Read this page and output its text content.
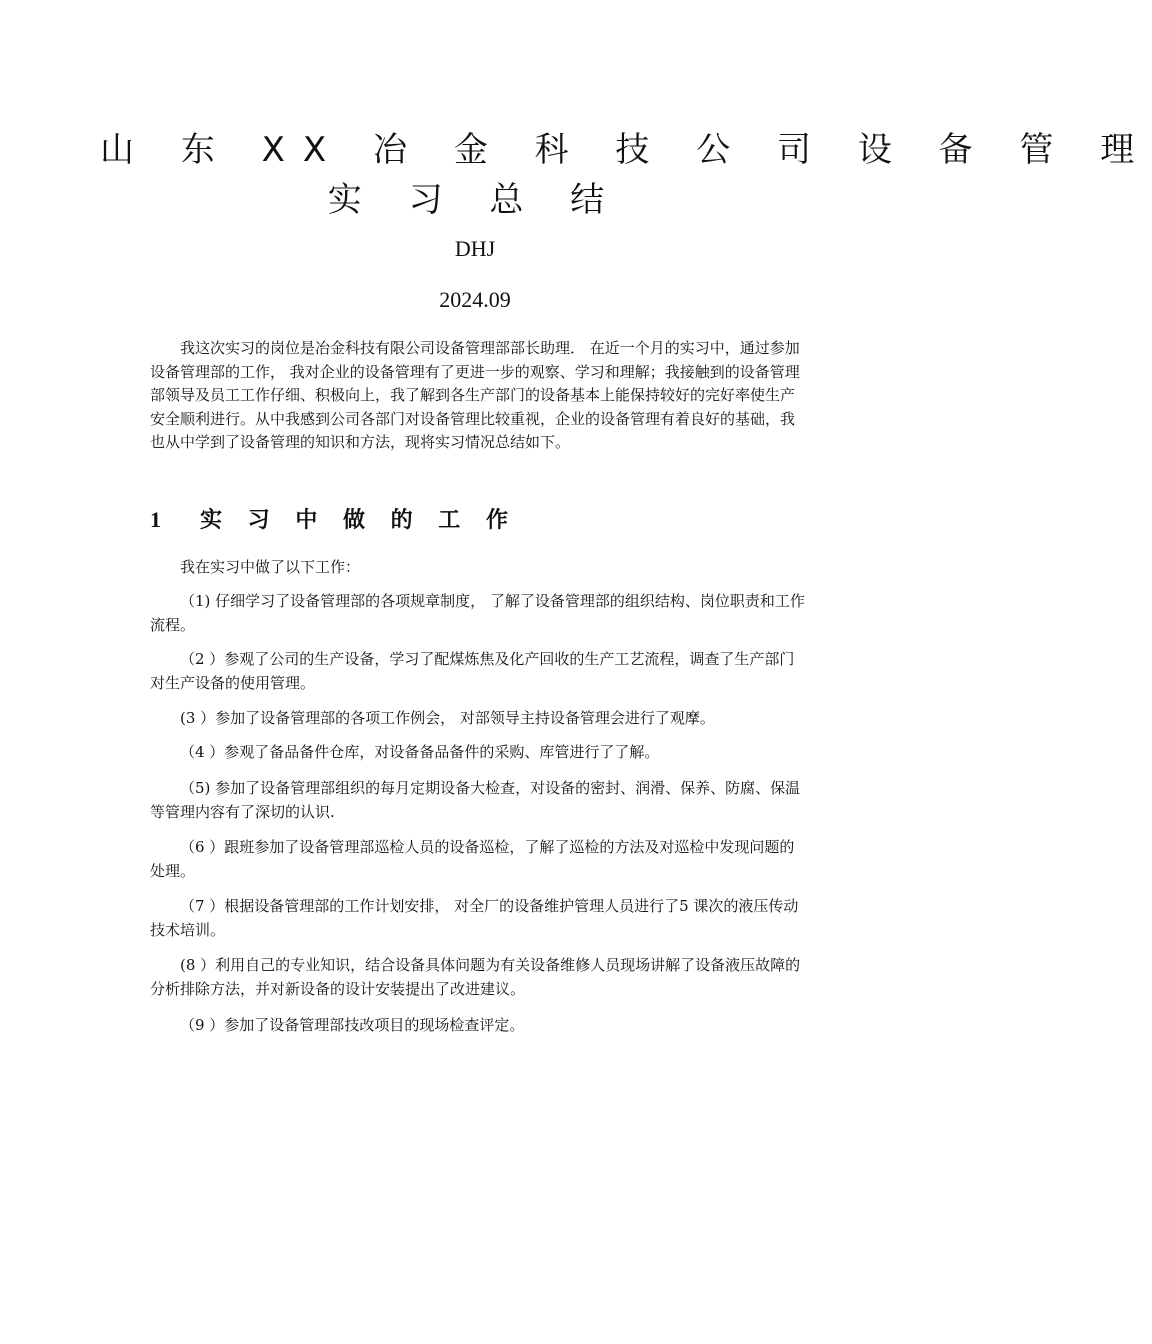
山 东 XX 冶 金 科 技 公 司 设 备 管 理
实 习 总 结
DHJ
2024.09

我这次实习的岗位是冶金科技有限公司设备管理部部长助理． 在近一个月的实习中，通过参加设备管理部的工作， 我对企业的设备管理有了更进一步的观察、学习和理解；我接触到的设备管理部领导及员工工作仔细、积极向上，我了解到各生产部门的设备基本上能保持较好的完好率使生产安全顺利进行。从中我感到公司各部门对设备管理比较重视，企业的设备管理有着良好的基础，我也从中学到了设备管理的知识和方法，现将实习情况总结如下。

1 实 习 中 做 的 工 作

我在实习中做了以下工作：

（1) 仔细学习了设备管理部的各项规章制度， 了解了设备管理部的组织结构、岗位职责和工作流程。

（2 ）参观了公司的生产设备，学习了配煤炼焦及化产回收的生产工艺流程，调查了生产部门对生产设备的使用管理。

(3 ）参加了设备管理部的各项工作例会， 对部领导主持设备管理会进行了观摩。

（4 ）参观了备品备件仓库，对设备备品备件的采购、库管进行了了解。

（5) 参加了设备管理部组织的每月定期设备大检查，对设备的密封、润滑、保养、防腐、保温等管理内容有了深切的认识.

（6 ）跟班参加了设备管理部巡检人员的设备巡检，了解了巡检的方法及对巡检中发现问题的处理。

（7 ）根据设备管理部的工作计划安排， 对全厂的设备维护管理人员进行了5 课次的液压传动技术培训。

(8 ）利用自己的专业知识，结合设备具体问题为有关设备维修人员现场讲解了设备液压故障的分析排除方法，并对新设备的设计安装提出了改进建议。

（9 ）参加了设备管理部技改项目的现场检查评定。
